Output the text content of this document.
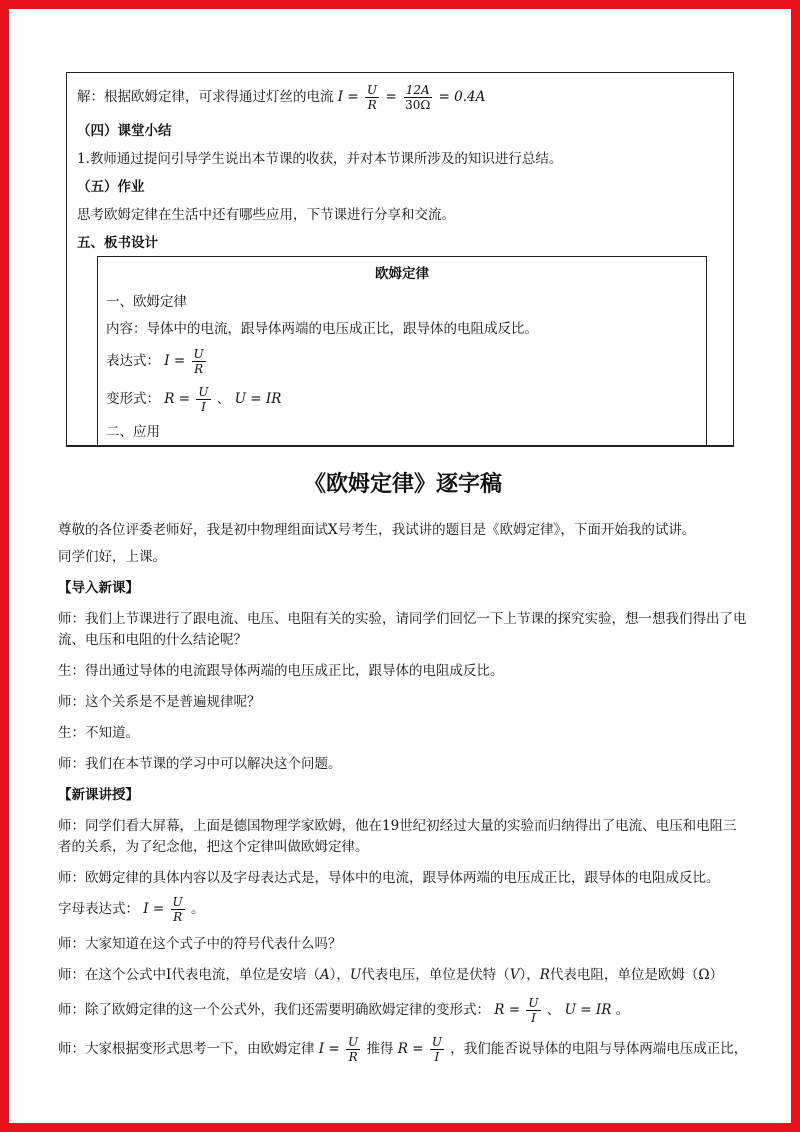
解：根据欧姆定律，可求得通过灯丝的电流 $I = \frac{U}{R} = \frac{12A}{30\Omega} = 0.4A$
（四）课堂小结
1.教师通过提问引导学生说出本节课的收获，并对本节课所涉及的知识进行总结。
（五）作业
思考欧姆定律在生活中还有哪些应用，下节课进行分享和交流。
五、板书设计
欧姆定律
一、欧姆定律
内容：导体中的电流，跟导体两端的电压成正比，跟导体的电阻成反比。
表达式： $I = \frac{U}{R}$
变形式： $R = \frac{U}{I}$ 、 U = IR
二、应用
《欧姆定律》逐字稿

尊敬的各位评委老师好，我是初中物理组面试X号考生，我试讲的题目是《欧姆定律》，下面开始我的试讲。

同学们好，上课。

【导入新课】

师：我们上节课进行了跟电流、电压、电阻有关的实验，请同学们回忆一下上节课的探究实验，想一想我们得出了电流、电压和电阻的什么结论呢？

生：得出通过导体的电流跟导体两端的电压成正比，跟导体的电阻成反比。

师：这个关系是不是普遍规律呢？

生：不知道。

师：我们在本节课的学习中可以解决这个问题。

【新课讲授】

师：同学们看大屏幕，上面是德国物理学家欧姆，他在19世纪初经过大量的实验而归纳得出了电流、电压和电阻三者的关系，为了纪念他，把这个定律叫做欧姆定律。

师：欧姆定律的具体内容以及字母表达式是，导体中的电流，跟导体两端的电压成正比，跟导体的电阻成反比。

字母表达式： $I = \frac{U}{R}$ 。

师：大家知道在这个式子中的符号代表什么吗？

师：在这个公式中I代表电流，单位是安培（A），U代表电压，单位是伏特（V），R代表电阻，单位是欧姆（Ω）

师：除了欧姆定律的这一个公式外，我们还需要明确欧姆定律的变形式： $R = \frac{U}{I}$ 、 U = IR 。

师：大家根据变形式思考一下，由欧姆定律 $I = \frac{U}{R}$ 推得 $R = \frac{U}{I}$ ，我们能否说导体的电阻与导体两端电压成正比，
